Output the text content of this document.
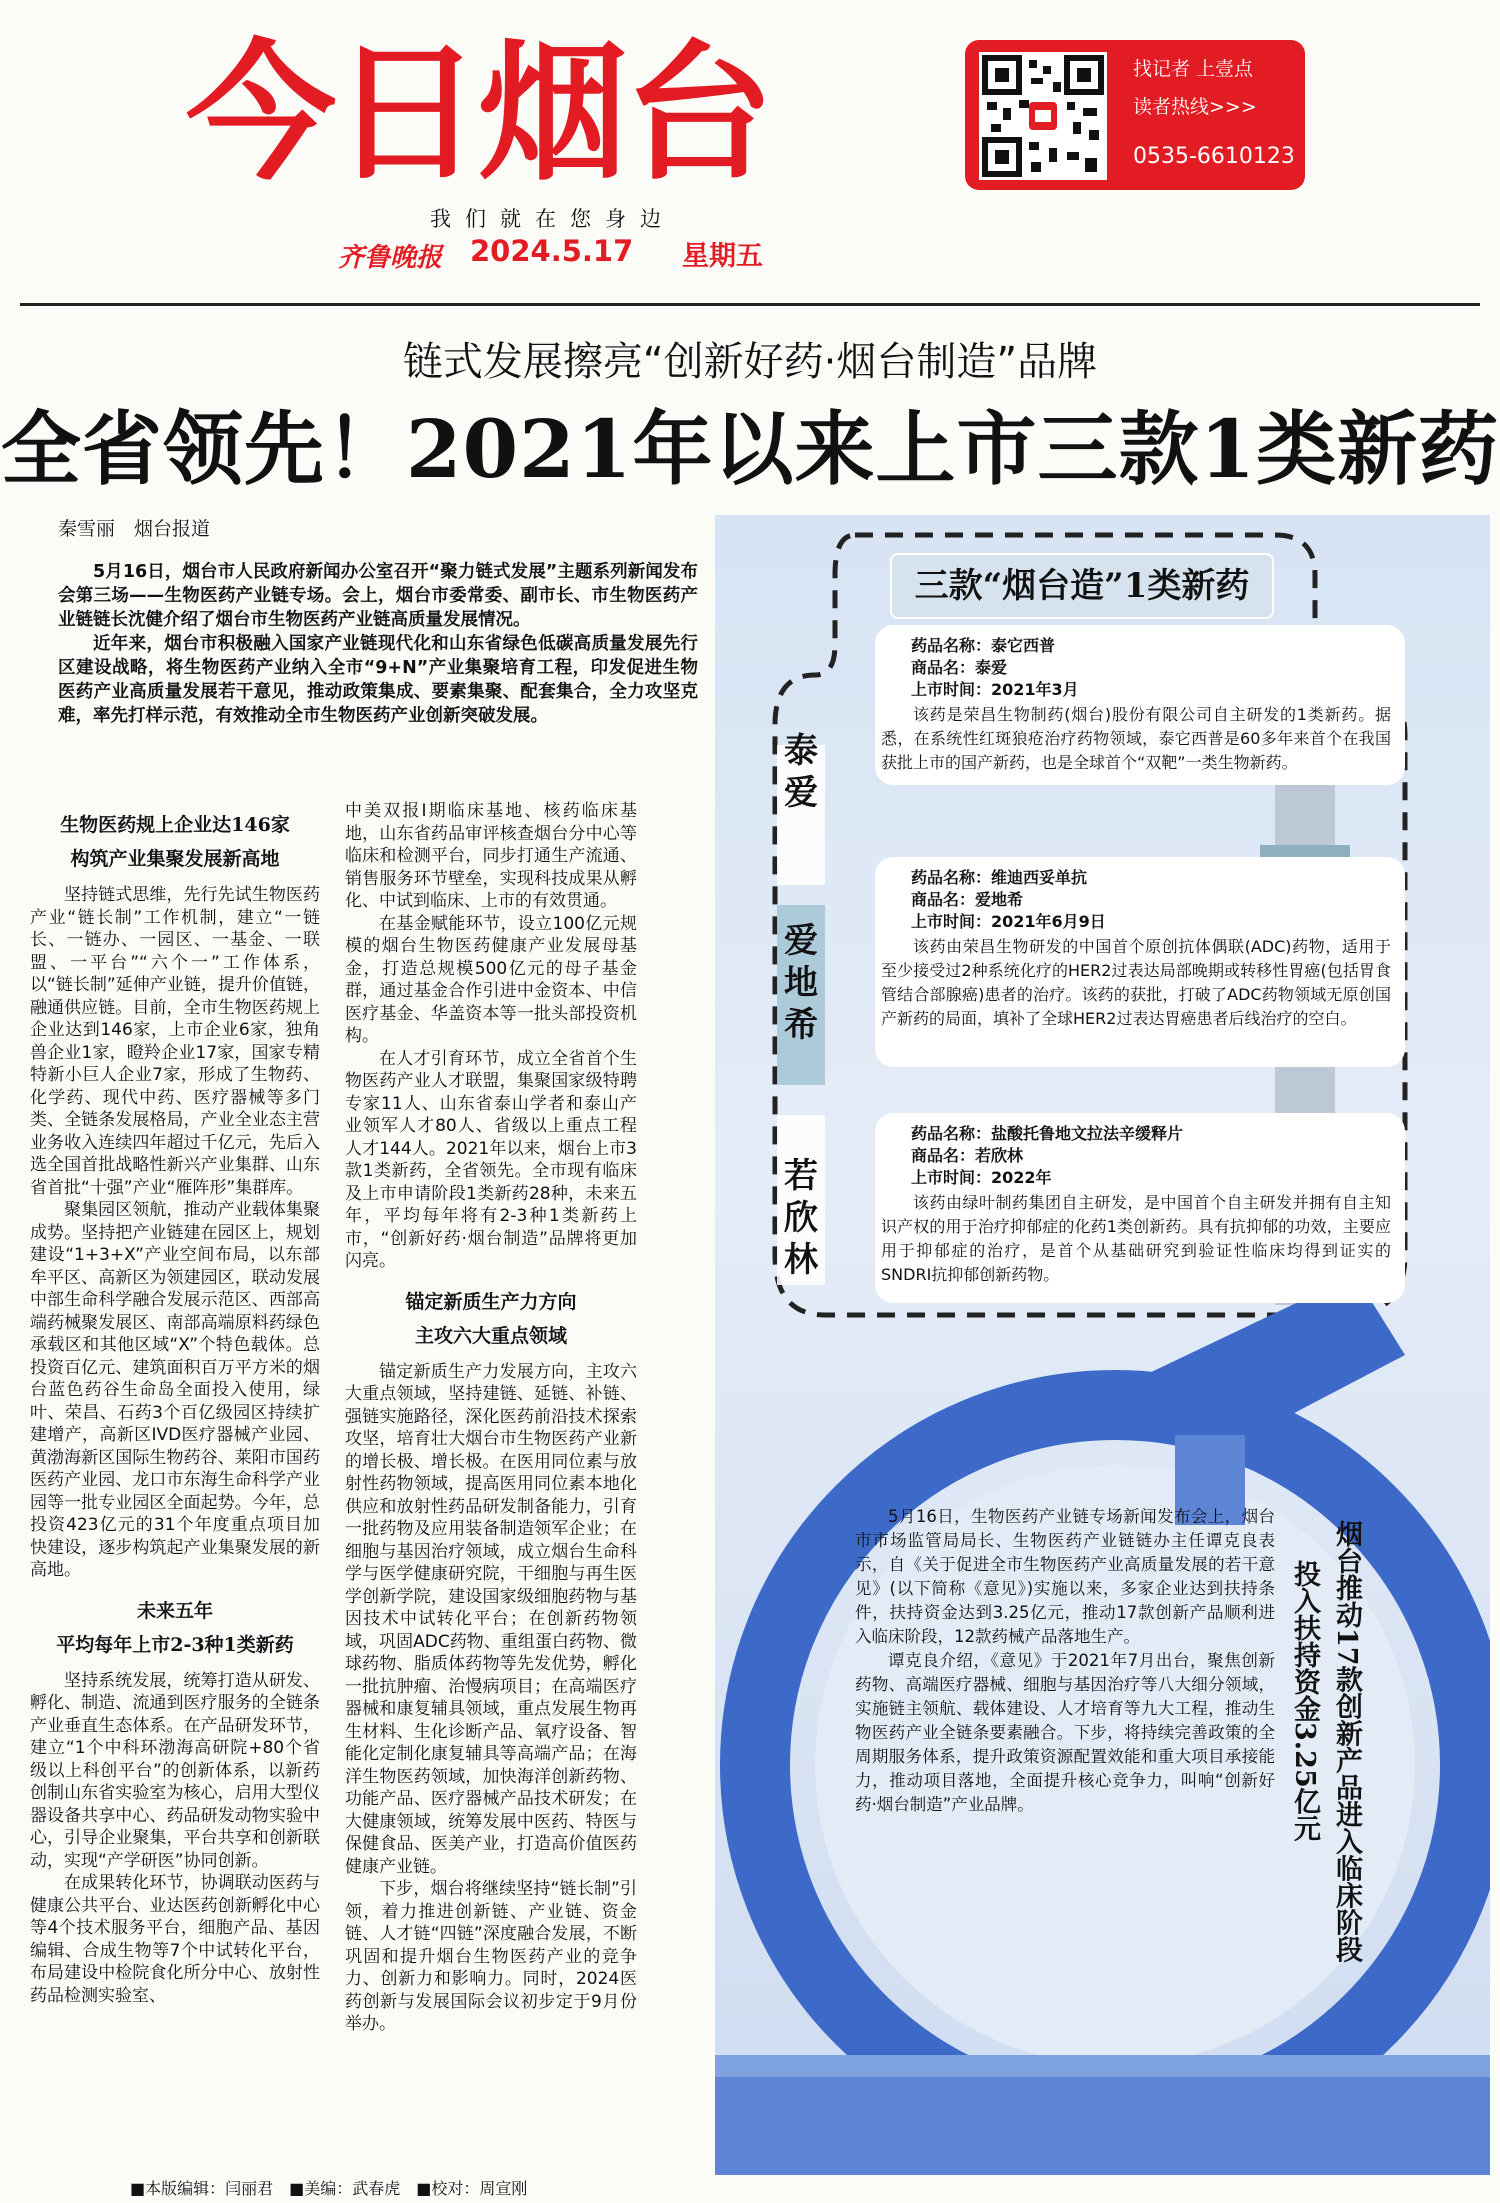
今日烟台
我们就在您身边
齐鲁晚报 2024.5.17 星期五
找记者 上壹点
读者热线>>>
0535-6610123
链式发展擦亮“创新好药·烟台制造”品牌
全省领先！2021年以来上市三款1类新药
秦雪丽　烟台报道

5月16日，烟台市人民政府新闻办公室召开“聚力链式发展”主题系列新闻发布会第三场——生物医药产业链专场。会上，烟台市委常委、副市长、市生物医药产业链链长沈健介绍了烟台市生物医药产业链高质量发展情况。

近年来，烟台市积极融入国家产业链现代化和山东省绿色低碳高质量发展先行区建设战略，将生物医药产业纳入全市“9+N”产业集聚培育工程，印发促进生物医药产业高质量发展若干意见，推动政策集成、要素集聚、配套集合，全力攻坚克难，率先打样示范，有效推动全市生物医药产业创新突破发展。

生物医药规上企业达146家
构筑产业集聚发展新高地

坚持链式思维，先行先试生物医药产业“链长制”工作机制，建立“一链长、一链办、一园区、一基金、一联盟、一平台”“六个一”工作体系，以“链长制”延伸产业链，提升价值链，融通供应链。目前，全市生物医药规上企业达到146家，上市企业6家，独角兽企业1家，瞪羚企业17家，国家专精特新小巨人企业7家，形成了生物药、化学药、现代中药、医疗器械等多门类、全链条发展格局，产业全业态主营业务收入连续四年超过千亿元，先后入选全国首批战略性新兴产业集群、山东省首批“十强”产业“雁阵形”集群库。

聚集园区领航，推动产业载体集聚成势。坚持把产业链建在园区上，规划建设“1+3+X”产业空间布局，以东部牟平区、高新区为领建园区，联动发展中部生命科学融合发展示范区、西部高端药械聚发展区、南部高端原料药绿色承载区和其他区域“X”个特色载体。总投资百亿元、建筑面积百万平方米的烟台蓝色药谷生命岛全面投入使用，绿叶、荣昌、石药3个百亿级园区持续扩建增产，高新区IVD医疗器械产业园、黄渤海新区国际生物药谷、莱阳市国药医药产业园、龙口市东海生命科学产业园等一批专业园区全面起势。今年，总投资423亿元的31个年度重点项目加快建设，逐步构筑起产业集聚发展的新高地。

未来五年
平均每年上市2-3种1类新药

坚持系统发展，统筹打造从研发、孵化、制造、流通到医疗服务的全链条产业垂直生态体系。在产品研发环节，建立“1个中科环渤海高研院+80个省级以上科创平台”的创新体系，以新药创制山东省实验室为核心，启用大型仪器设备共享中心、药品研发动物实验中心，引导企业聚集，平台共享和创新联动，实现“产学研医”协同创新。

在成果转化环节，协调联动医药与健康公共平台、业达医药创新孵化中心等4个技术服务平台，细胞产品、基因编辑、合成生物等7个中试转化平台，布局建设中检院食化所分中心、放射性药品检测实验室、

中美双报I期临床基地、核药临床基地，山东省药品审评核查烟台分中心等临床和检测平台，同步打通生产流通、销售服务环节壁垒，实现科技成果从孵化、中试到临床、上市的有效贯通。

在基金赋能环节，设立100亿元规模的烟台生物医药健康产业发展母基金，打造总规模500亿元的母子基金群，通过基金合作引进中金资本、中信医疗基金、华盖资本等一批头部投资机构。

在人才引育环节，成立全省首个生物医药产业人才联盟，集聚国家级特聘专家11人、山东省泰山学者和泰山产业领军人才80人、省级以上重点工程人才144人。2021年以来，烟台上市3款1类新药，全省领先。全市现有临床及上市申请阶段1类新药28种，未来五年，平均每年将有2-3种1类新药上市，“创新好药·烟台制造”品牌将更加闪亮。

锚定新质生产力方向
主攻六大重点领域

锚定新质生产力发展方向，主攻六大重点领域，坚持建链、延链、补链、强链实施路径，深化医药前沿技术探索攻坚，培育壮大烟台市生物医药产业新的增长极、增长极。在医用同位素与放射性药物领域，提高医用同位素本地化供应和放射性药品研发制备能力，引育一批药物及应用装备制造领军企业；在细胞与基因治疗领域，成立烟台生命科学与医学健康研究院，干细胞与再生医学创新学院，建设国家级细胞药物与基因技术中试转化平台；在创新药物领域，巩固ADC药物、重组蛋白药物、微球药物、脂质体药物等先发优势，孵化一批抗肿瘤、治慢病项目；在高端医疗器械和康复辅具领域，重点发展生物再生材料、生化诊断产品、氧疗设备、智能化定制化康复辅具等高端产品；在海洋生物医药领域，加快海洋创新药物、功能产品、医疗器械产品技术研发；在大健康领域，统筹发展中医药、特医与保健食品、医美产业，打造高价值医药健康产业链。

下步，烟台将继续坚持“链长制”引领，着力推进创新链、产业链、资金链、人才链“四链”深度融合发展，不断巩固和提升烟台生物医药产业的竞争力、创新力和影响力。同时，2024医药创新与发展国际会议初步定于9月份举办。

三款“烟台造”1类新药
药品名称：泰它西普
商品名：泰爱
上市时间：2021年3月
该药是荣昌生物制药(烟台)股份有限公司自主研发的1类新药。据悉，在系统性红斑狼疮治疗药物领域，泰它西普是60多年来首个在我国获批上市的国产新药，也是全球首个“双靶”一类生物新药。
药品名称：维迪西妥单抗
商品名：爱地希
上市时间：2021年6月9日
该药由荣昌生物研发的中国首个原创抗体偶联(ADC)药物，适用于至少接受过2种系统化疗的HER2过表达局部晚期或转移性胃癌(包括胃食管结合部腺癌)患者的治疗。该药的获批，打破了ADC药物领域无原创国产新药的局面，填补了全球HER2过表达胃癌患者后线治疗的空白。
药品名称：盐酸托鲁地文拉法辛缓释片
商品名：若欣林
上市时间：2022年
该药由绿叶制药集团自主研发，是中国首个自主研发并拥有自主知识产权的用于治疗抑郁症的化药1类创新药。具有抗抑郁的功效，主要应用于抑郁症的治疗，是首个从基础研究到验证性临床均得到证实的SNDRI抗抑郁创新药物。
泰爱
爱地希
若欣林
烟台推动17款创新产品进入临床阶段
投入扶持资金3.25亿元

5月16日，生物医药产业链专场新闻发布会上，烟台市市场监管局局长、生物医药产业链链办主任谭克良表示，自《关于促进全市生物医药产业高质量发展的若干意见》(以下简称《意见》)实施以来，多家企业达到扶持条件，扶持资金达到3.25亿元，推动17款创新产品顺利进入临床阶段，12款药械产品落地生产。

谭克良介绍，《意见》于2021年7月出台，聚焦创新药物、高端医疗器械、细胞与基因治疗等八大细分领域，实施链主领航、载体建设、人才培育等九大工程，推动生物医药产业全链条要素融合。下步，将持续完善政策的全周期服务体系，提升政策资源配置效能和重大项目承接能力，推动项目落地，全面提升核心竞争力，叫响“创新好药·烟台制造”产业品牌。

■本版编辑：闫丽君　■美编：武春虎　■校对：周宣刚
